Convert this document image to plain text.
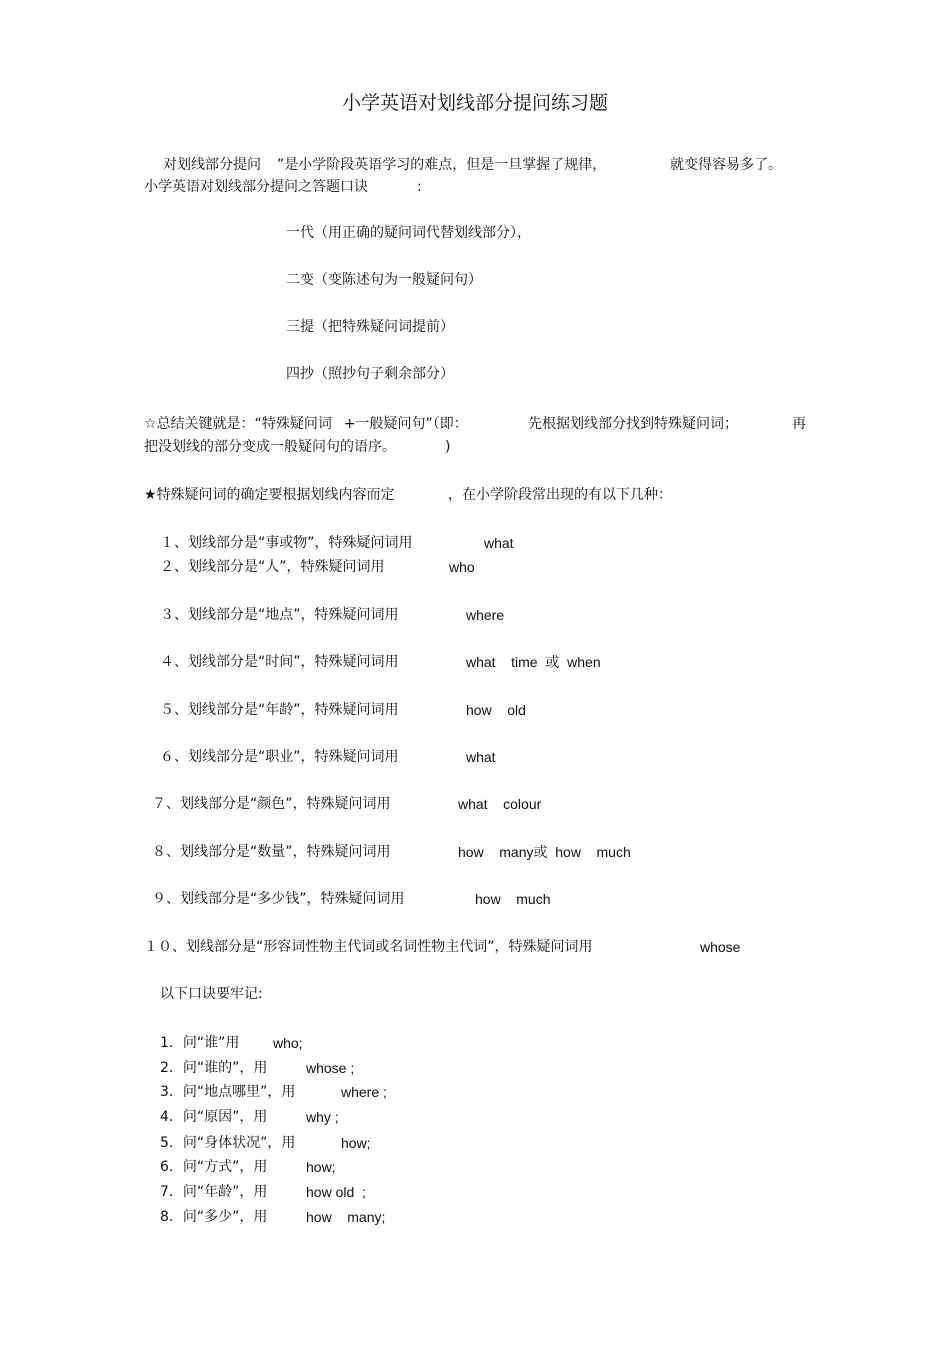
小学英语对划线部分提问练习题
对划线部分提问 ”是小学阶段英语学习的难点，但是一旦掌握了规律，	就变得容易多了。
小学英语对划线部分提问之答题口诀	:
一代（用正确的疑问词代替划线部分），
二变（变陈述句为一般疑问句）
三提（把特殊疑问词提前）
四抄（照抄句子剩余部分）
☆总结关键就是：“特殊疑问词 +一般疑问句”（即：	先根据划线部分找到特殊疑问词；	再
把没划线的部分变成一般疑问句的语序。	)
★特殊疑问词的确定要根据划线内容而定	，在小学阶段常出现的有以下几种：
１、划线部分是“事或物”，特殊疑问词用	what
２、划线部分是“人”，特殊疑问词用	who
３、划线部分是“地点”，特殊疑问词用	where
４、划线部分是“时间”，特殊疑问词用	what    time  或  when
５、划线部分是“年龄”，特殊疑问词用	how    old
６、划线部分是“职业”，特殊疑问词用	what
７、划线部分是“颜色”，特殊疑问词用	what    colour
８、划线部分是“数量”，特殊疑问词用	how    many或  how    much
９、划线部分是“多少钱”，特殊疑问词用	how    much
１０、划线部分是“形容词性物主代词或名词性物主代词”，特殊疑问词用	whose
以下口诀要牢记:
1．问“谁”用 who;
2．问“谁的”，用	whose ;
3．问“地点哪里”，用	where ;
4．问“原因”，用	why ;
5．问“身体状况”，用	how;
6．问“方式”，用	how;
7．问“年龄”，用	how old  ;
8．问“多少”，用	how    many;
